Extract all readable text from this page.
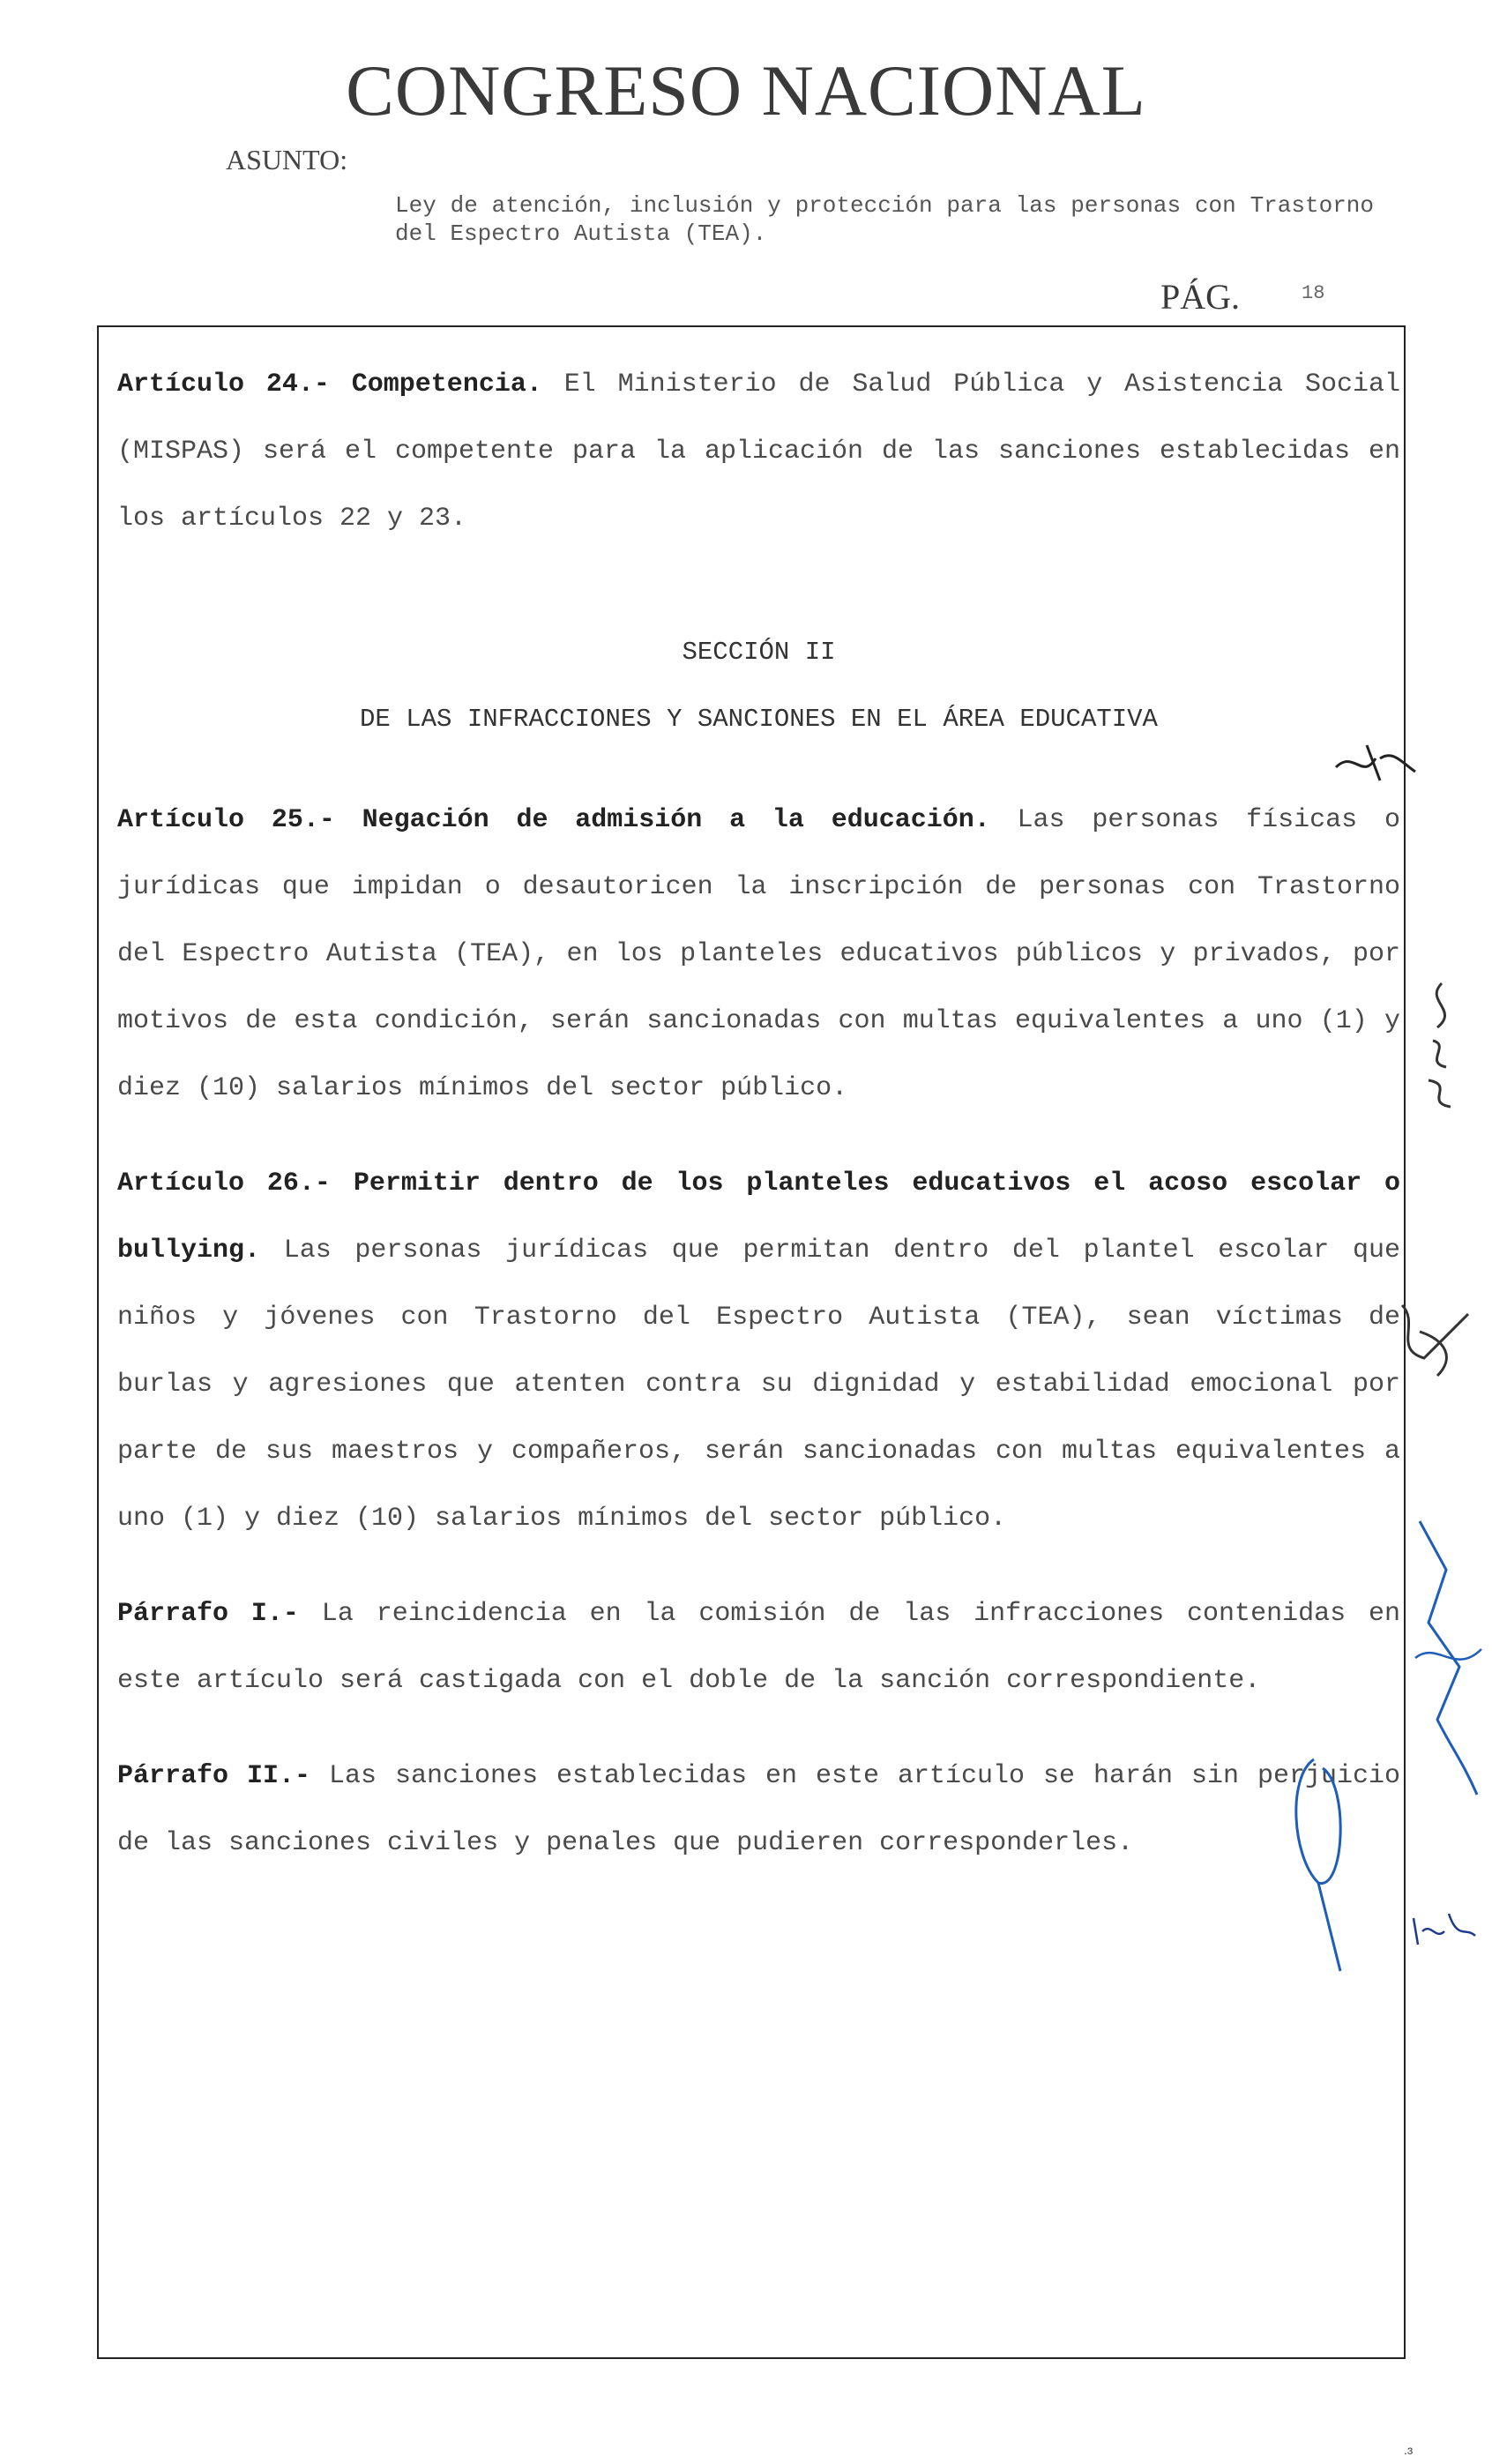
CONGRESO NACIONAL
ASUNTO:
Ley de atención, inclusión y protección para las personas con Trastorno del Espectro Autista (TEA).
PÁG.	18

Artículo 24.- Competencia. El Ministerio de Salud Pública y Asistencia Social (MISPAS) será el competente para la aplicación de las sanciones establecidas en los artículos 22 y 23.

SECCIÓN II

DE LAS INFRACCIONES Y SANCIONES EN EL ÁREA EDUCATIVA

Artículo 25.- Negación de admisión a la educación. Las personas físicas o jurídicas que impidan o desautoricen la inscripción de personas con Trastorno del Espectro Autista (TEA), en los planteles educativos públicos y privados, por motivos de esta condición, serán sancionadas con multas equivalentes a uno (1) y diez (10) salarios mínimos del sector público.

Artículo 26.- Permitir dentro de los planteles educativos el acoso escolar o bullying. Las personas jurídicas que permitan dentro del plantel escolar que niños y jóvenes con Trastorno del Espectro Autista (TEA), sean víctimas de burlas y agresiones que atenten contra su dignidad y estabilidad emocional por parte de sus maestros y compañeros, serán sancionadas con multas equivalentes a uno (1) y diez (10) salarios mínimos del sector público.

Párrafo I.- La reincidencia en la comisión de las infracciones contenidas en este artículo será castigada con el doble de la sanción correspondiente.

Párrafo II.- Las sanciones establecidas en este artículo se harán sin perjuicio de las sanciones civiles y penales que pudieren corresponderles.

.ɜ
